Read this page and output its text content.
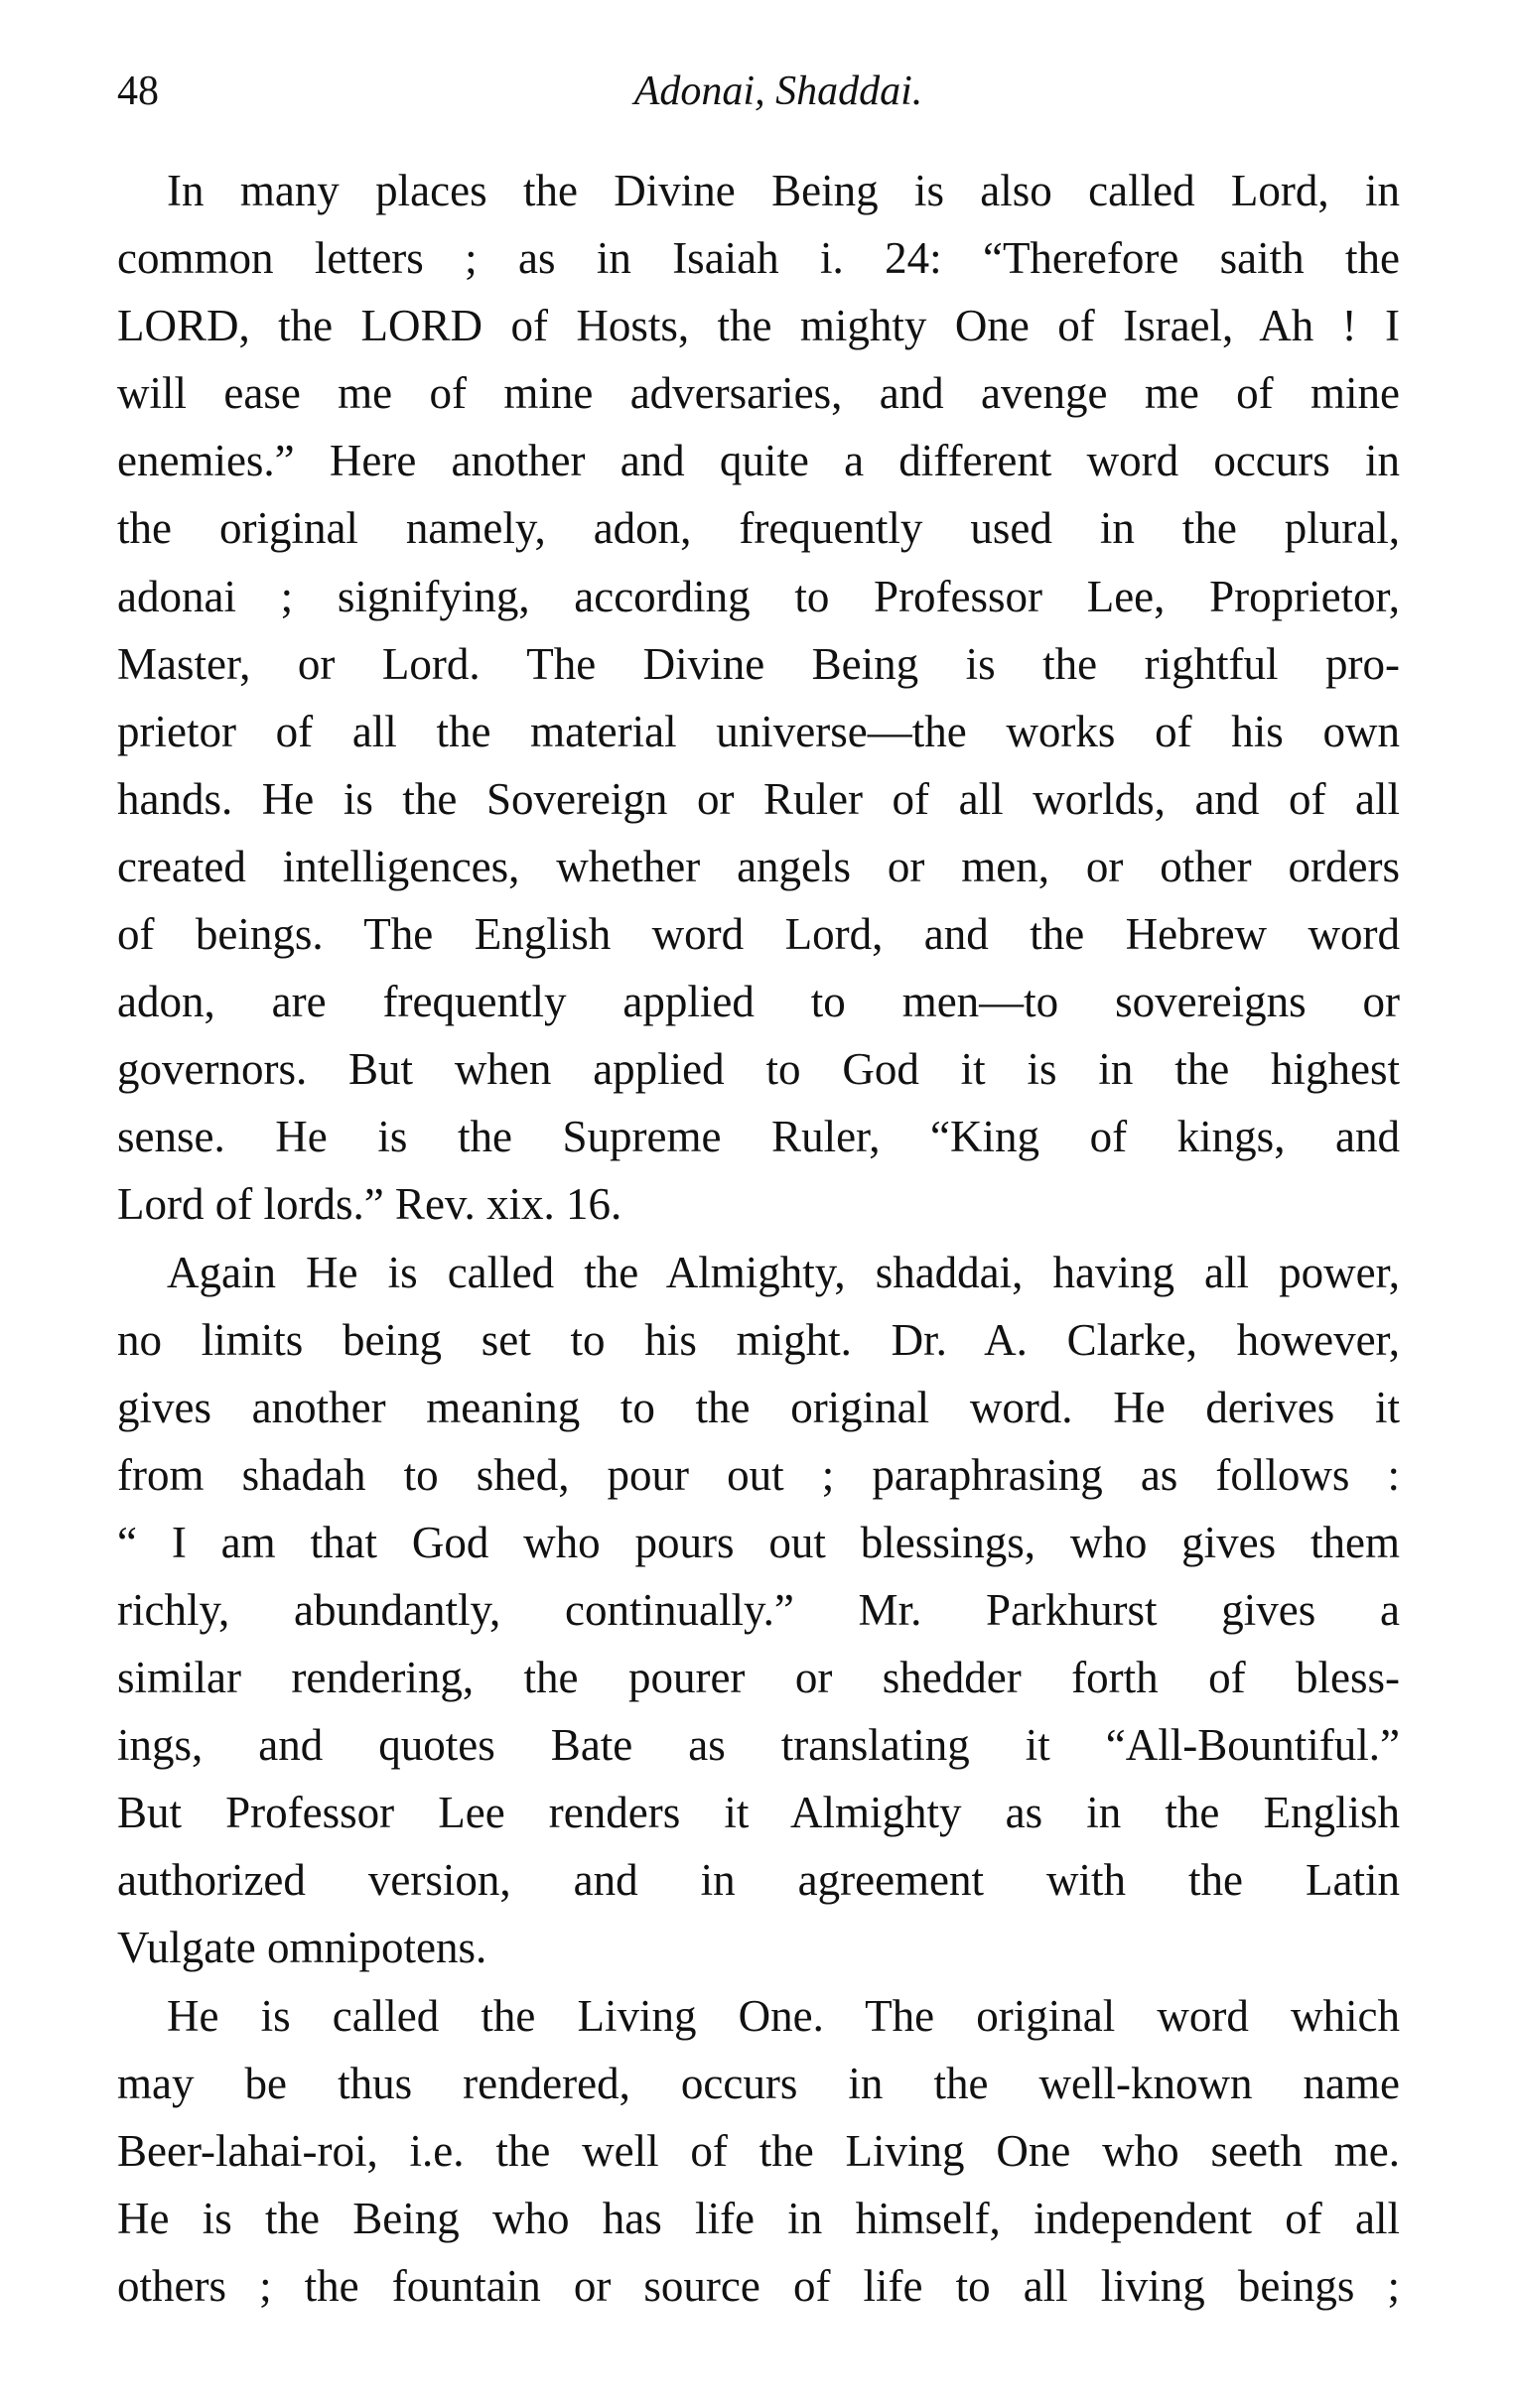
48	Adonai, Shaddai.
In many places the Divine Being is also called Lord, in
common letters ; as in Isaiah i. 24: “Therefore saith the
LORD, the LORD of Hosts, the mighty One of Israel, Ah ! I
will ease me of mine adversaries, and avenge me of mine
enemies.” Here another and quite a different word occurs in
the original namely, adon, frequently used in the plural,
adonai ; signifying, according to Professor Lee, Proprietor,
Master, or Lord. The Divine Being is the rightful pro-
prietor of all the material universe—the works of his own
hands. He is the Sovereign or Ruler of all worlds, and of all
created intelligences, whether angels or men, or other orders
of beings. The English word Lord, and the Hebrew word
adon, are frequently applied to men—to sovereigns or
governors. But when applied to God it is in the highest
sense. He is the Supreme Ruler, “King of kings, and
Lord of lords.” Rev. xix. 16.
Again He is called the Almighty, shaddai, having all power,
no limits being set to his might. Dr. A. Clarke, however,
gives another meaning to the original word. He derives it
from shadah to shed, pour out ; paraphrasing as follows :
“ I am that God who pours out blessings, who gives them
richly, abundantly, continually.” Mr. Parkhurst gives a
similar rendering, the pourer or shedder forth of bless-
ings, and quotes Bate as translating it “All-Bountiful.”
But Professor Lee renders it Almighty as in the English
authorized version, and in agreement with the Latin
Vulgate omnipotens.
He is called the Living One. The original word which
may be thus rendered, occurs in the well-known name
Beer-lahai-roi, i.e. the well of the Living One who seeth me.
He is the Being who has life in himself, independent of all
others ; the fountain or source of life to all living beings ;
